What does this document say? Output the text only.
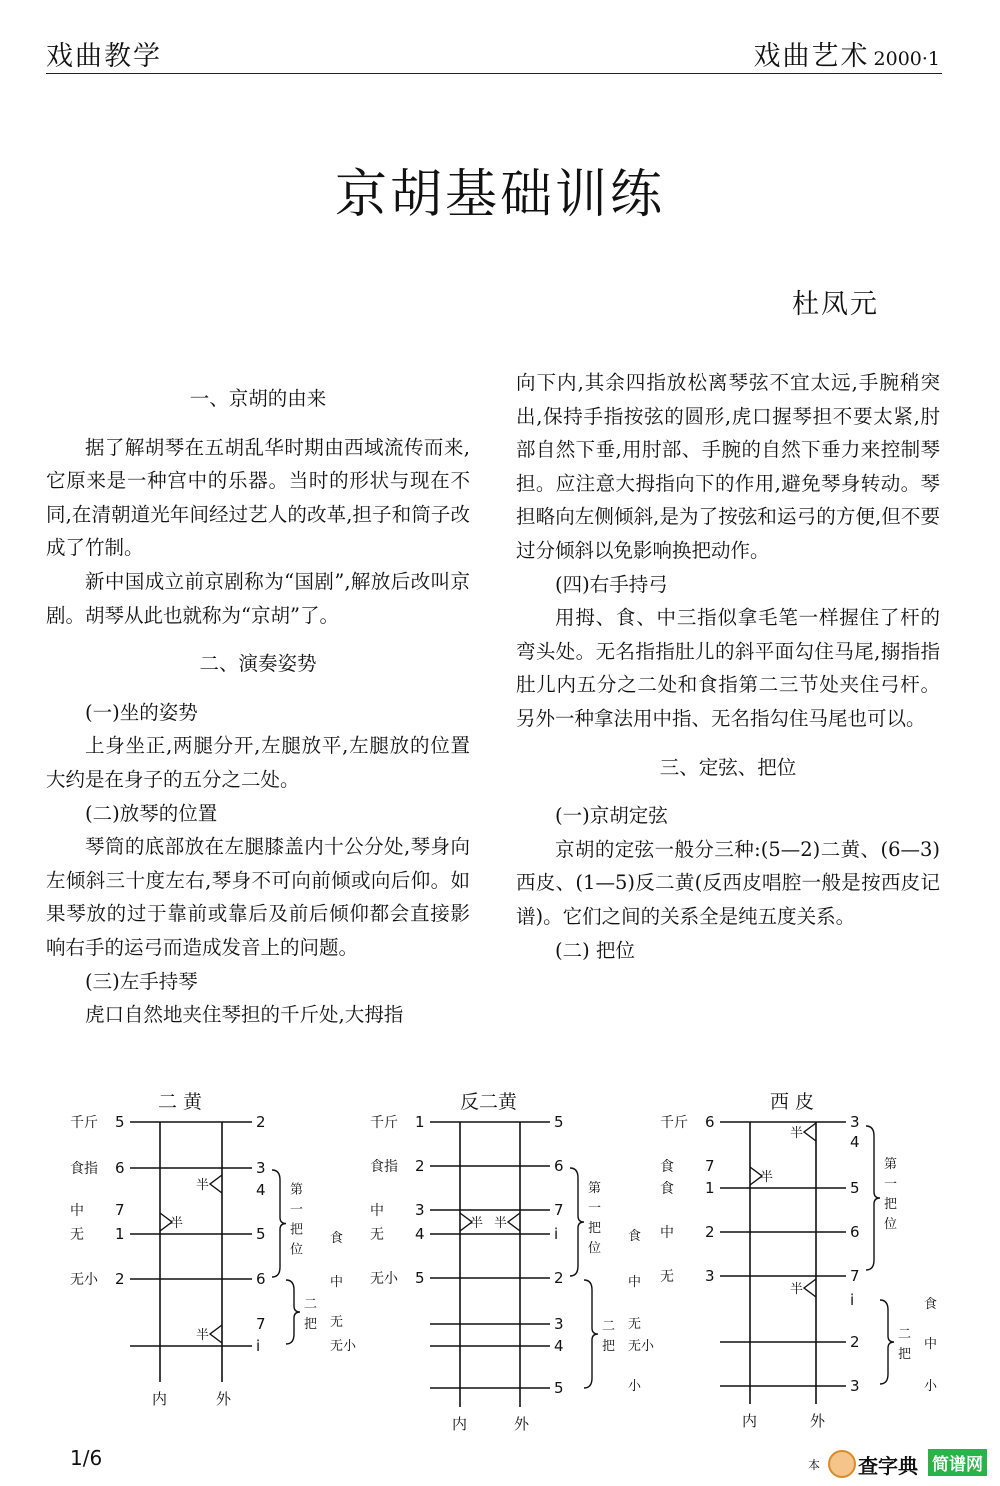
戏曲教学	戏曲艺术 2000·1
京胡基础训练
杜凤元

一、京胡的由来

据了解胡琴在五胡乱华时期由西域流传而来,它原来是一种宫中的乐器。当时的形状与现在不同,在清朝道光年间经过艺人的改革,担子和筒子改成了竹制。

新中国成立前京剧称为“国剧”,解放后改叫京剧。胡琴从此也就称为“京胡”了。

二、演奏姿势

(一)坐的姿势

上身坐正,两腿分开,左腿放平,左腿放的位置大约是在身子的五分之二处。

(二)放琴的位置

琴筒的底部放在左腿膝盖内十公分处,琴身向左倾斜三十度左右,琴身不可向前倾或向后仰。如果琴放的过于靠前或靠后及前后倾仰都会直接影响右手的运弓而造成发音上的问题。

(三)左手持琴

虎口自然地夹住琴担的千斤处,大拇指

向下内,其余四指放松离琴弦不宜太远,手腕稍突出,保持手指按弦的圆形,虎口握琴担不要太紧,肘部自然下垂,用肘部、手腕的自然下垂力来控制琴担。应注意大拇指向下的作用,避免琴身转动。琴担略向左侧倾斜,是为了按弦和运弓的方便,但不要过分倾斜以免影响换把动作。

(四)右手持弓

用拇、食、中三指似拿毛笔一样握住了杆的弯头处。无名指指肚儿的斜平面勾住马尾,搦指指肚儿内五分之二处和食指第二三节处夹住弓杆。另外一种拿法用中指、无名指勾住马尾也可以。

三、定弦、把位

(一)京胡定弦

京胡的定弦一般分三种:(5—2)二黄、(6—3)西皮、(1—5)反二黄(反西皮唱腔一般是按西皮记谱)。它们之间的关系全是纯五度关系。

(二) 把位

二 黄
千斤
食指
中
无
无小
5
6
7
1
2
2
3
4
5
6
7
i
半
半
半
第
一
把
位
二
把
食
中
无
无小
内	外
反二黄
千斤
食指
中
无
无小
1
2
3
4
5
5
6
7
i
2
3
4
5
半 半
第
一
把
位
二
把
食
中
无
无小
小
内	外
西 皮
千斤
食
食
中
无
6
7
1
2
3
3
4
5
6
7
i
2
3
半
半
半
第
一
把
位
二
把
食
中
小
内	外
1/6	本 查字典 简谱网
